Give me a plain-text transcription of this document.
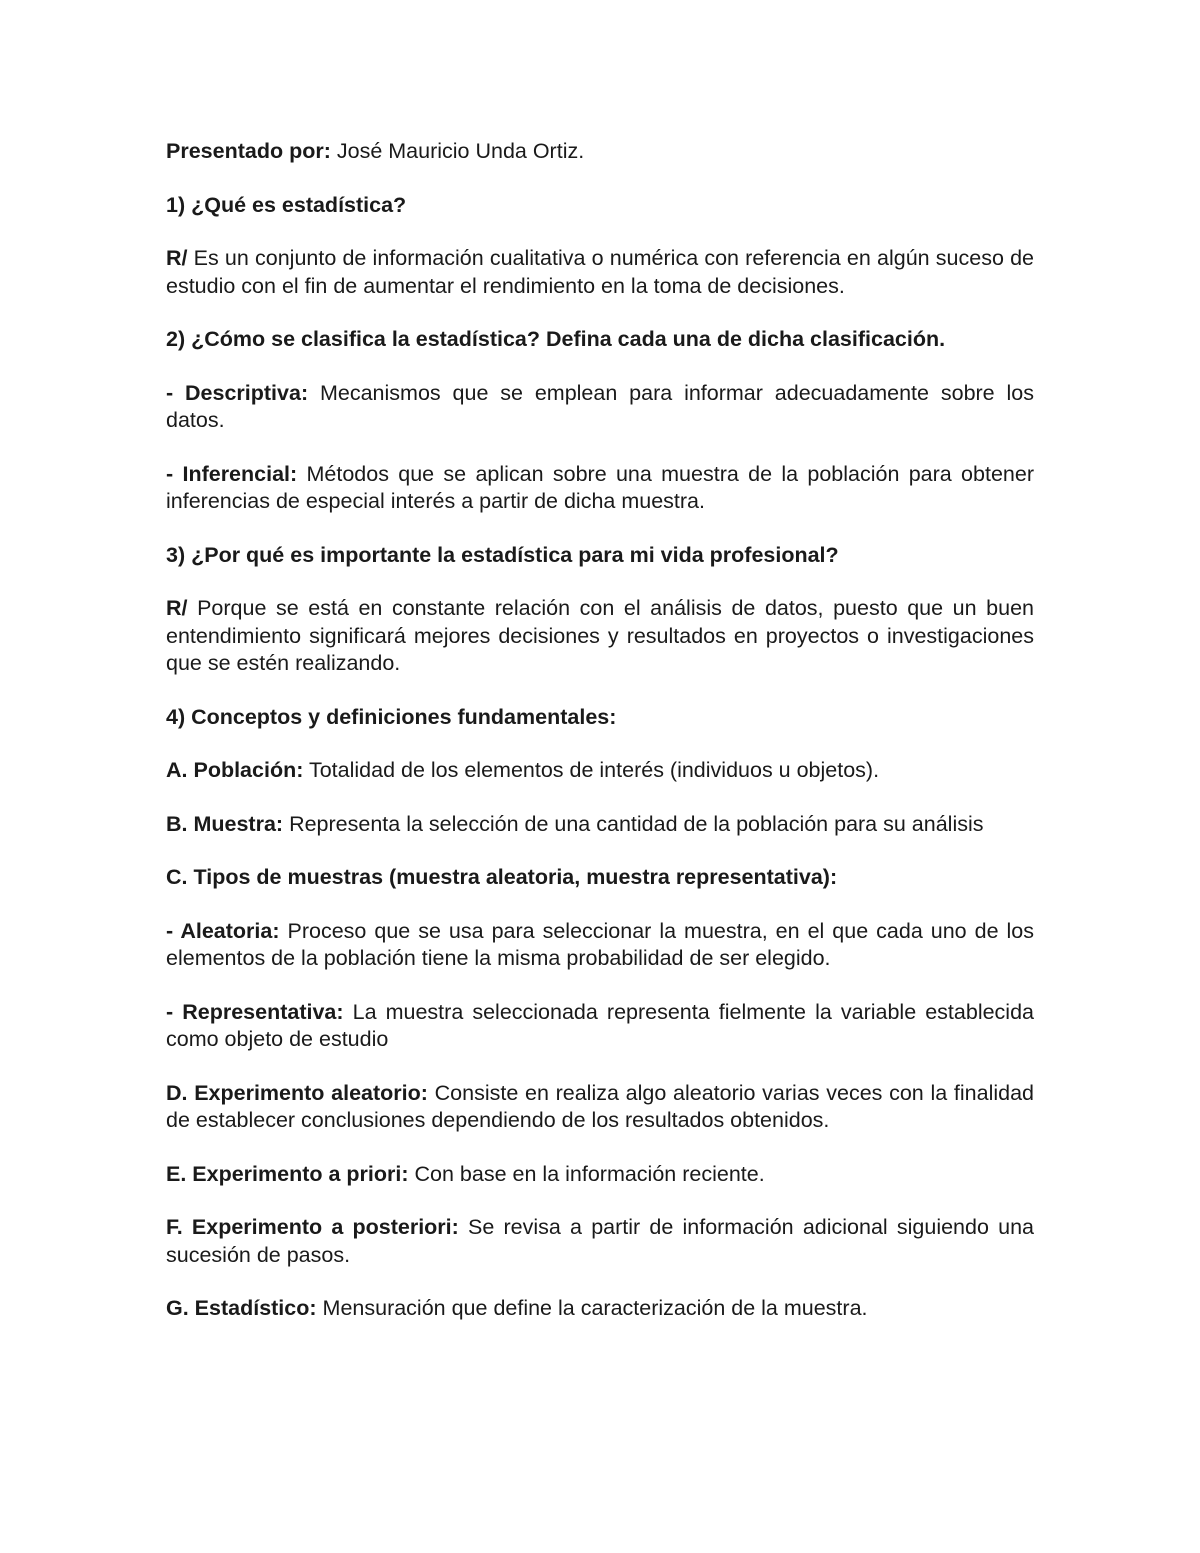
Presentado por: José Mauricio Unda Ortiz.

1) ¿Qué es estadística?

R/ Es un conjunto de información cualitativa o numérica con referencia en algún suceso de estudio con el fin de aumentar el rendimiento en la toma de decisiones.

2) ¿Cómo se clasifica la estadística? Defina cada una de dicha clasificación.

- Descriptiva: Mecanismos que se emplean para informar adecuadamente sobre los datos.

- Inferencial: Métodos que se aplican sobre una muestra de la población para obtener inferencias de especial interés a partir de dicha muestra.

3) ¿Por qué es importante la estadística para mi vida profesional?

R/ Porque se está en constante relación con el análisis de datos, puesto que un buen entendimiento significará mejores decisiones y resultados en proyectos o investigaciones que se estén realizando.

4) Conceptos y definiciones fundamentales:

A. Población: Totalidad de los elementos de interés (individuos u objetos).

B. Muestra: Representa la selección de una cantidad de la población para su análisis

C. Tipos de muestras (muestra aleatoria, muestra representativa):

- Aleatoria: Proceso que se usa para seleccionar la muestra, en el que cada uno de los elementos de la población tiene la misma probabilidad de ser elegido.

- Representativa: La muestra seleccionada representa fielmente la variable establecida como objeto de estudio

D. Experimento aleatorio: Consiste en realiza algo aleatorio varias veces con la finalidad de establecer conclusiones dependiendo de los resultados obtenidos.

E. Experimento a priori: Con base en la información reciente.

F. Experimento a posteriori: Se revisa a partir de información adicional siguiendo una sucesión de pasos.

G. Estadístico: Mensuración que define la caracterización de la muestra.
